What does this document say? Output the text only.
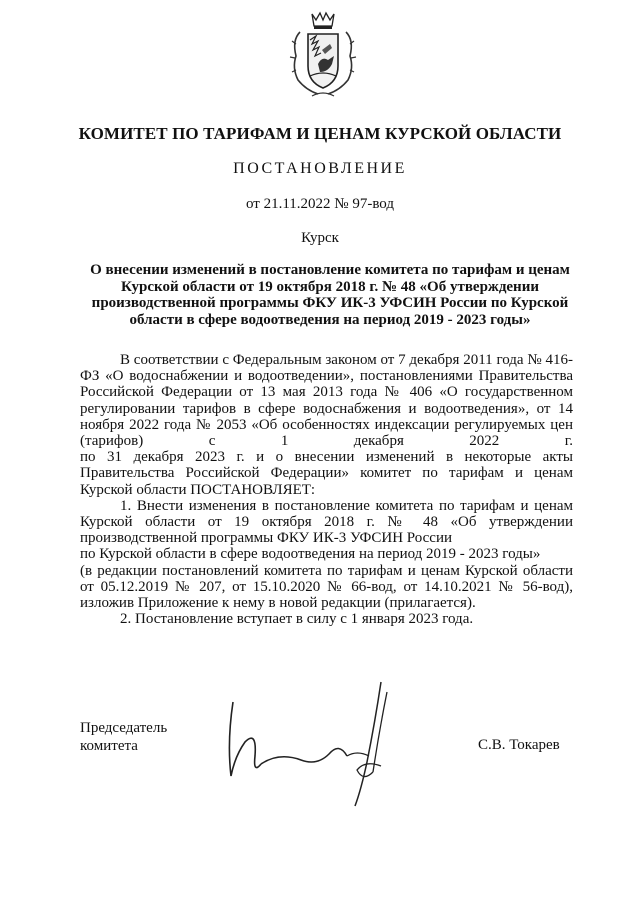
КОМИТЕТ ПО ТАРИФАМ И ЦЕНАМ КУРСКОЙ ОБЛАСТИ
ПОСТАНОВЛЕНИЕ
от 21.11.2022 № 97-вод
Курск
О внесении изменений в постановление комитета по тарифам и ценам Курской области от 19 октября 2018 г. № 48 «Об утверждении производственной программы ФКУ ИК-3 УФСИН России по Курской области в сфере водоотведения на период 2019 - 2023 годы»

В соответствии с Федеральным законом от 7 декабря 2011 года № 416-ФЗ «О водоснабжении и водоотведении», постановлениями Правительства Российской Федерации от 13 мая 2013 года № 406 «О государственном регулировании тарифов в сфере водоснабжения и водоотведения», от 14 ноября 2022 года № 2053 «Об особенностях индексации регулируемых цен (тарифов) с 1 декабря 2022 г.

по 31 декабря 2023 г. и о внесении изменений в некоторые акты Правительства Российской Федерации» комитет по тарифам и ценам Курской области ПОСТАНОВЛЯЕТ:

1. Внести изменения в постановление комитета по тарифам и ценам Курской области от 19 октября 2018 г. № 48 «Об утверждении производственной программы ФКУ ИК-3 УФСИН России

по Курской области в сфере водоотведения на период 2019 - 2023 годы»

(в редакции постановлений комитета по тарифам и ценам Курской области от 05.12.2019 № 207, от 15.10.2020 № 66-вод, от 14.10.2021 № 56-вод), изложив Приложение к нему в новой редакции (прилагается).

2. Постановление вступает в силу с 1 января 2023 года.

Председатель
комитета	С.В. Токарев
